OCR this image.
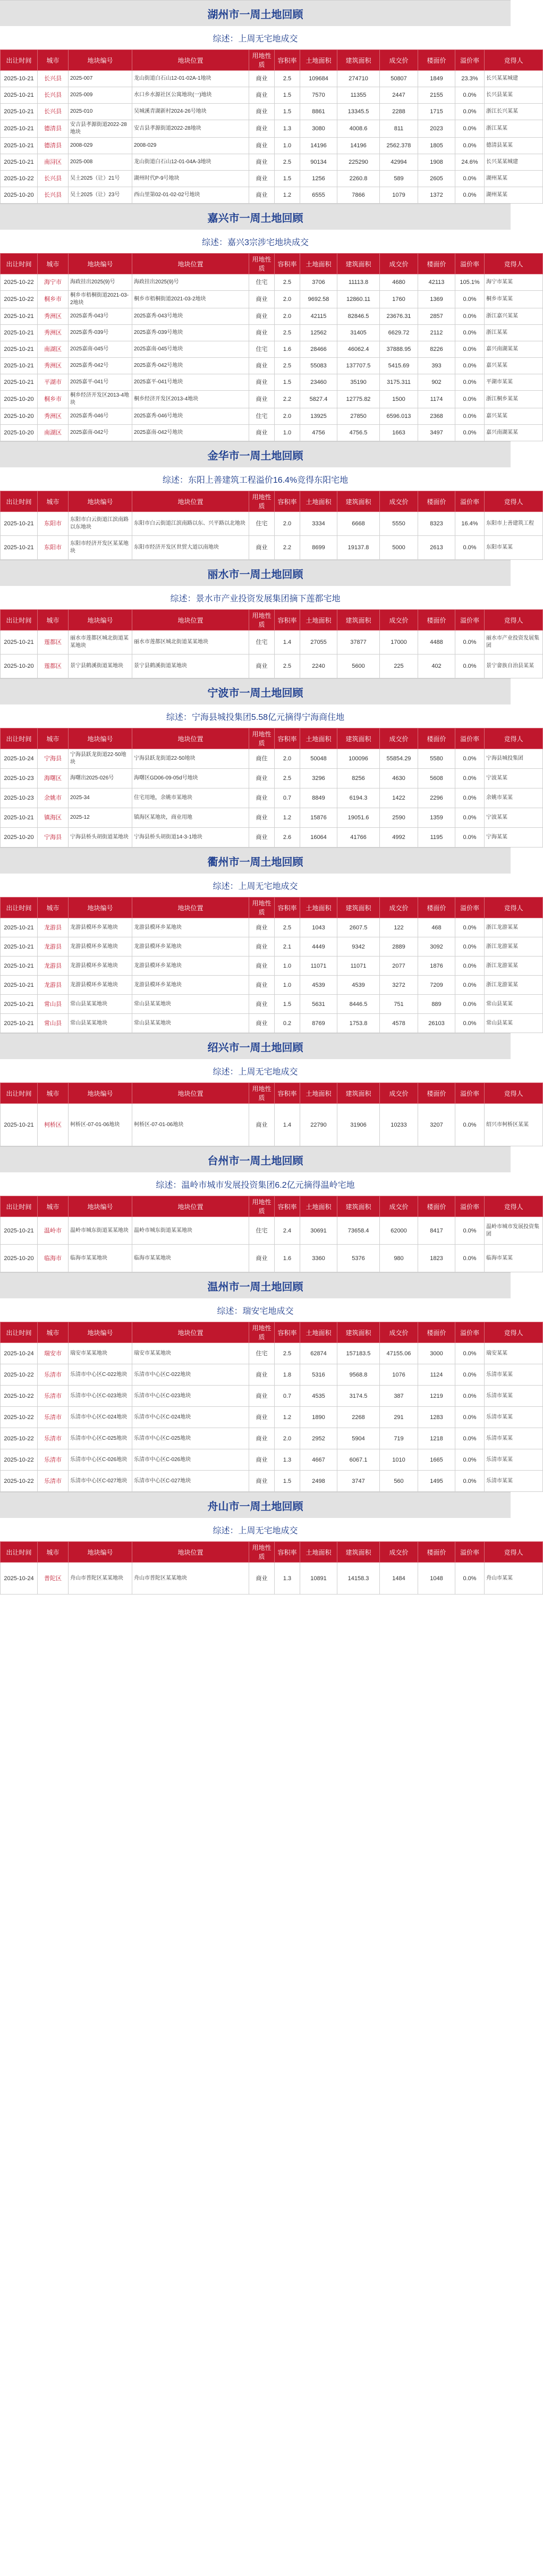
湖州市一周土地回顾
综述：上周无宅地成交
出让时间	城市	地块编号	地块位置	用地性质	容积率	土地面积	建筑面积	成交价	楼面价	溢价率	竞得人
2025-10-21	长兴县	2025-007	龙山街道白石山12-01-02A-1地块	商业	2.5	109684	274710	50807	1849	23.3%	长兴某某城建
2025-10-21	长兴县	2025-009	水口乡水源社区公寓地块(一)地块	商业	1.5	7570	11355	2447	2155	0.0%	长兴县某某
2025-10-21	长兴县	2025-010	吴城溪青湖新村2024-26号地块	商业	1.5	8861	13345.5	2288	1715	0.0%	浙江长兴某某
2025-10-21	德清县	安吉县孝源街道2022-28地块	安吉县孝源街道2022-28地块	商业	1.3	3080	4008.6	811	2023	0.0%	浙江某某
2025-10-21	德清县	2008-029	2008-029	商业	1.0	14196	14196	2562.378	1805	0.0%	德清县某某
2025-10-21	南浔区	2025-008	龙山街道白石山12-01-04A-3地块	商业	2.5	90134	225290	42994	1908	24.6%	长兴某某城建
2025-10-22	长兴县	吴土2025（让）21号	湖州时代P-9号地块	商业	1.5	1256	2260.8	589	2605	0.0%	湖州某某
2025-10-20	长兴县	吴土2025（让）23号	西山里第02-01-02-02号地块	商业	1.2	6555	7866	1079	1372	0.0%	湖州某某
嘉兴市一周土地回顾
综述：嘉兴3宗涉宅地块成交
出让时间	城市	地块编号	地块位置	用地性质	容积率	土地面积	建筑面积	成交价	楼面价	溢价率	竞得人
2025-10-22	海宁市	海政挂出2025(9)号	海政挂出2025(9)号	住宅	2.5	3706	11113.8	4680	42113	105.1%	海宁市某某
2025-10-22	桐乡市	桐乡市梧桐街道2021-03-2地块	桐乡市梧桐街道2021-03-2地块	商业	2.0	9692.58	12860.11	1760	1369	0.0%	桐乡市某某
2025-10-21	秀洲区	2025嘉秀-043号	2025嘉秀-043号地块	商业	2.0	42115	82846.5	23676.31	2857	0.0%	浙江嘉兴某某
2025-10-21	秀洲区	2025嘉秀-039号	2025嘉秀-039号地块	商业	2.5	12562	31405	6629.72	2112	0.0%	浙江某某
2025-10-21	南湖区	2025嘉南-045号	2025嘉南-045号地块	住宅	1.6	28466	46062.4	37888.95	8226	0.0%	嘉兴南湖某某
2025-10-21	秀洲区	2025嘉秀-042号	2025嘉秀-042号地块	商业	2.5	55083	137707.5	5415.69	393	0.0%	嘉兴某某
2025-10-21	平湖市	2025嘉平-041号	2025嘉平-041号地块	商业	1.5	23460	35190	3175.311	902	0.0%	平湖市某某
2025-10-20	桐乡市	桐乡经济开发区2013-4地块	桐乡经济开发区2013-4地块	商业	2.2	5827.4	12775.82	1500	1174	0.0%	浙江桐乡某某
2025-10-20	秀洲区	2025嘉秀-046号	2025嘉秀-046号地块	住宅	2.0	13925	27850	6596.013	2368	0.0%	嘉兴某某
2025-10-20	南湖区	2025嘉南-042号	2025嘉南-042号地块	商业	1.0	4756	4756.5	1663	3497	0.0%	嘉兴南湖某某
金华市一周土地回顾
综述：东阳上善建筑工程溢价16.4%竞得东阳宅地
出让时间	城市	地块编号	地块位置	用地性质	容积率	土地面积	建筑面积	成交价	楼面价	溢价率	竞得人
2025-10-21	东阳市	东阳市白云街道江滨南路以东地块	东阳市白云街道江滨南路以东、兴平路以北地块	住宅	2.0	3334	6668	5550	8323	16.4%	东阳市上善建筑工程
2025-10-21	东阳市	东阳市经济开发区某某地块	东阳市经济开发区世贸大道以南地块	商业	2.2	8699	19137.8	5000	2613	0.0%	东阳市某某
丽水市一周土地回顾
综述：景水市产业投资发展集团摘下莲都宅地
出让时间	城市	地块编号	地块位置	用地性质	容积率	土地面积	建筑面积	成交价	楼面价	溢价率	竞得人
2025-10-21	莲都区	丽水市莲都区城北街道某某地块	丽水市莲都区城北街道某某地块	住宅	1.4	27055	37877	17000	4488	0.0%	丽水市产业投资发展集团
2025-10-20	莲都区	景宁县鹤溪街道某地块	景宁县鹤溪街道某地块	商业	2.5	2240	5600	225	402	0.0%	景宁畲族自治县某某
宁波市一周土地回顾
综述：宁海县城投集团5.58亿元摘得宁海商住地
出让时间	城市	地块编号	地块位置	用地性质	容积率	土地面积	建筑面积	成交价	楼面价	溢价率	竞得人
2025-10-24	宁海县	宁海县跃龙街道22-50地块	宁海县跃龙街道22-50地块	商住	2.0	50048	100096	55854.29	5580	0.0%	宁海县城投集团
2025-10-23	海曙区	海曙出2025-026号	海曙区GD06-09-05d号地块	商业	2.5	3296	8256	4630	5608	0.0%	宁波某某
2025-10-23	余姚市	2025-34	住宅用地，余姚市某地块	商业	0.7	8849	6194.3	1422	2296	0.0%	余姚市某某
2025-10-21	镇海区	2025-12	镇海区某地块，商业用地	商业	1.2	15876	19051.6	2590	1359	0.0%	宁波某某
2025-10-20	宁海县	宁海县桥头胡街道某地块	宁海县桥头胡街道14-3-1地块	商业	2.6	16064	41766	4992	1195	0.0%	宁海某某
衢州市一周土地回顾
综述：上周无宅地成交
出让时间	城市	地块编号	地块位置	用地性质	容积率	土地面积	建筑面积	成交价	楼面价	溢价率	竞得人
2025-10-21	龙游县	龙游县模环乡某地块	龙游县模环乡某地块	商业	2.5	1043	2607.5	122	468	0.0%	浙江龙游某某
2025-10-21	龙游县	龙游县模环乡某地块	龙游县模环乡某地块	商业	2.1	4449	9342	2889	3092	0.0%	浙江龙游某某
2025-10-21	龙游县	龙游县模环乡某地块	龙游县模环乡某地块	商业	1.0	11071	11071	2077	1876	0.0%	浙江龙游某某
2025-10-21	龙游县	龙游县模环乡某地块	龙游县模环乡某地块	商业	1.0	4539	4539	3272	7209	0.0%	浙江龙游某某
2025-10-21	常山县	常山县某某地块	常山县某某地块	商业	1.5	5631	8446.5	751	889	0.0%	常山县某某
2025-10-21	常山县	常山县某某地块	常山县某某地块	商业	0.2	8769	1753.8	4578	26103	0.0%	常山县某某
绍兴市一周土地回顾
综述：上周无宅地成交
出让时间	城市	地块编号	地块位置	用地性质	容积率	土地面积	建筑面积	成交价	楼面价	溢价率	竞得人
2025-10-21	柯桥区	柯桥区-07-01-06地块	柯桥区-07-01-06地块	商业	1.4	22790	31906	10233	3207	0.0%	绍兴市柯桥区某某
台州市一周土地回顾
综述：温岭市城市发展投资集团6.2亿元摘得温岭宅地
出让时间	城市	地块编号	地块位置	用地性质	容积率	土地面积	建筑面积	成交价	楼面价	溢价率	竞得人
2025-10-21	温岭市	温岭市城东街道某某地块	温岭市城东街道某某地块	住宅	2.4	30691	73658.4	62000	8417	0.0%	温岭市城市发展投资集团
2025-10-20	临海市	临海市某某地块	临海市某某地块	商业	1.6	3360	5376	980	1823	0.0%	临海市某某
温州市一周土地回顾
综述：瑞安宅地成交
出让时间	城市	地块编号	地块位置	用地性质	容积率	土地面积	建筑面积	成交价	楼面价	溢价率	竞得人
2025-10-24	瑞安市	瑞安市某某地块	瑞安市某某地块	住宅	2.5	62874	157183.5	47155.06	3000	0.0%	瑞安某某
2025-10-22	乐清市	乐清市中心区C-022地块	乐清市中心区C-022地块	商业	1.8	5316	9568.8	1076	1124	0.0%	乐清市某某
2025-10-22	乐清市	乐清市中心区C-023地块	乐清市中心区C-023地块	商业	0.7	4535	3174.5	387	1219	0.0%	乐清市某某
2025-10-22	乐清市	乐清市中心区C-024地块	乐清市中心区C-024地块	商业	1.2	1890	2268	291	1283	0.0%	乐清市某某
2025-10-22	乐清市	乐清市中心区C-025地块	乐清市中心区C-025地块	商业	2.0	2952	5904	719	1218	0.0%	乐清市某某
2025-10-22	乐清市	乐清市中心区C-026地块	乐清市中心区C-026地块	商业	1.3	4667	6067.1	1010	1665	0.0%	乐清市某某
2025-10-22	乐清市	乐清市中心区C-027地块	乐清市中心区C-027地块	商业	1.5	2498	3747	560	1495	0.0%	乐清市某某
舟山市一周土地回顾
综述：上周无宅地成交
出让时间	城市	地块编号	地块位置	用地性质	容积率	土地面积	建筑面积	成交价	楼面价	溢价率	竞得人
2025-10-24	普陀区	舟山市普陀区某某地块	舟山市普陀区某某地块	商业	1.3	10891	14158.3	1484	1048	0.0%	舟山市某某
